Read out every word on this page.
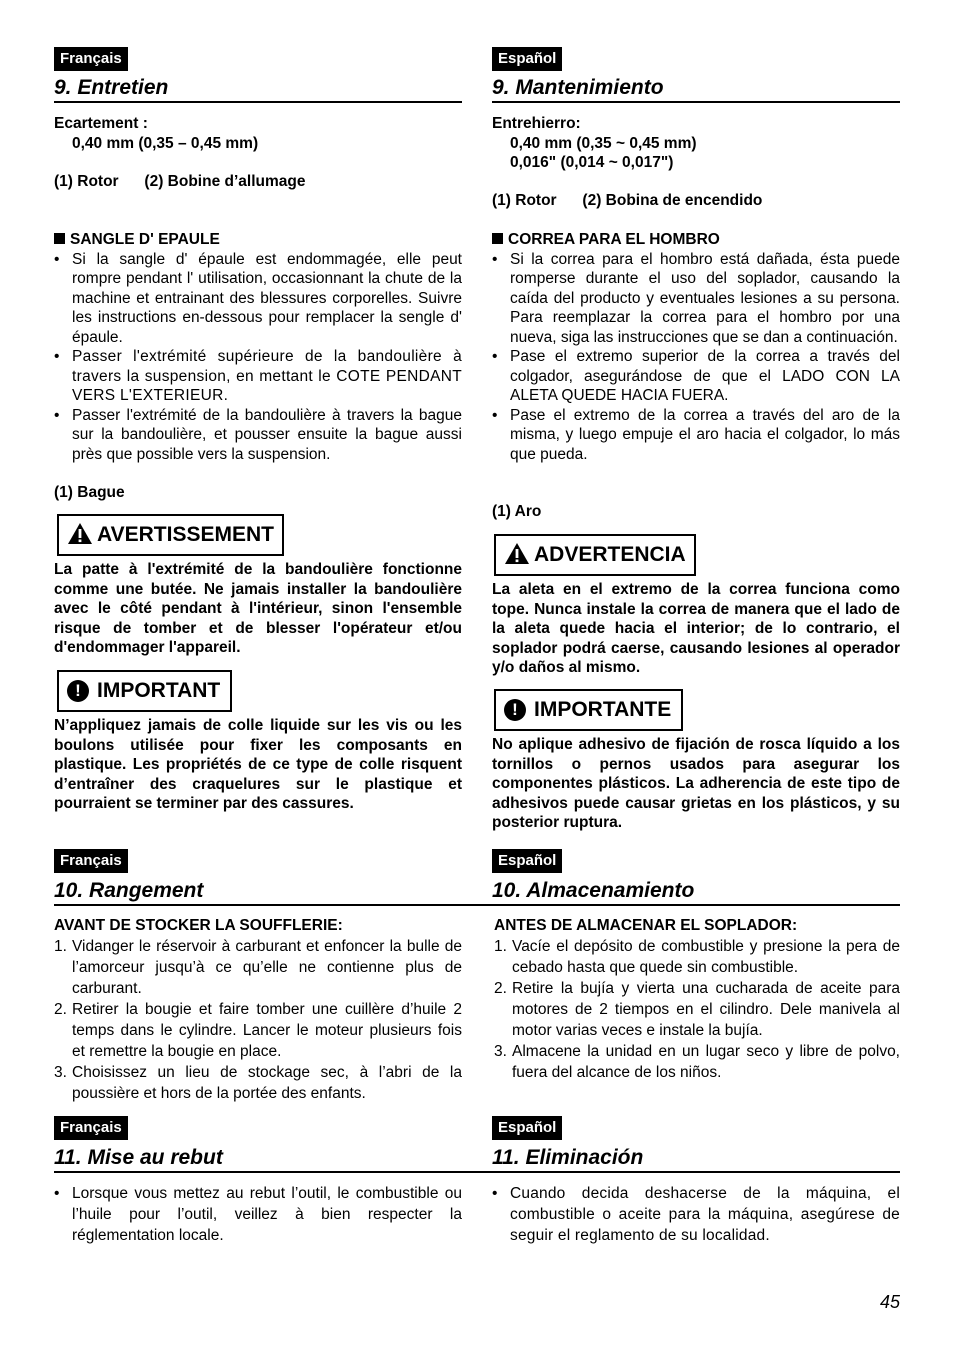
Français
9. Entretien
Ecartement :
0,40 mm (0,35 – 0,45 mm)
(1) Rotor      (2) Bobine d’allumage
SANGLE D' EPAULE
• Si la sangle d' épaule est endommagée, elle peut rompre pendant l' utilisation, occasionnant la chute de la machine et entrainant des blessures corporelles. Suivre les instructions en-dessous pour remplacer la sengle d' épaule.
• Passer l'extrémité supérieure de la bandoulière à travers la suspension, en mettant le COTE PENDANT VERS L'EXTERIEUR.
• Passer l'extrémité de la bandoulière à travers la bague sur la bandoulière, et pousser ensuite la bague aussi près que possible vers la suspension.
(1) Bague
AVERTISSEMENT
La patte à l'extrémité de la bandoulière fonctionne comme une butée. Ne jamais installer la bandoulière avec le côté pendant à l'intérieur, sinon l'ensemble risque de tomber et de blesser l'opérateur et/ou d'endommager l'appareil.
! IMPORTANT
N’appliquez jamais de colle liquide sur les vis ou les boulons utilisée pour fixer les composants en plastique. Les propriétés de ce type de colle risquent d’entraîner des craquelures sur le plastique et pourraient se terminer par des cassures.
Français
10. Rangement	10. Almacenamiento
AVANT DE STOCKER LA SOUFFLERIE:
1. Vidanger le réservoir à carburant et enfoncer la bulle de l’amorceur jusqu’à ce qu’elle ne contienne plus de carburant.
2. Retirer la bougie et faire tomber une cuillère d’huile 2 temps dans le cylindre. Lancer le moteur plusieurs fois et remettre la bougie en place.
3. Choisissez un lieu de stockage sec, à l’abri de la poussière et hors de la portée des enfants.
Français
11. Mise au rebut	11. Eliminación
• Lorsque vous mettez au rebut l’outil, le combustible ou l’huile pour l’outil, veillez à bien respecter la réglementation locale.
Español
9. Mantenimiento
Entrehierro:
0,40 mm (0,35 ~ 0,45 mm)
0,016" (0,014 ~ 0,017")
(1) Rotor      (2) Bobina de encendido
CORREA PARA EL HOMBRO
• Si la correa para el hombro está dañada, ésta puede romperse durante el uso del soplador, causando la caída del producto y eventuales lesiones a su persona. Para reemplazar la correa para el hombro por una nueva, siga las instrucciones que se dan a continuación.
• Pase el extremo superior de la correa a través del colgador, asegurándose de que el LADO CON LA ALETA QUEDE HACIA FUERA.
• Pase el extremo de la correa a través del aro de la misma, y luego empuje el aro hacia el colgador, lo más que pueda.
(1) Aro
ADVERTENCIA
La aleta en el extremo de la correa funciona como tope. Nunca instale la correa de manera que el lado de la aleta quede hacia el interior; de lo contrario, el soplador podrá caerse, causando lesiones al operador y/o daños al mismo.
! IMPORTANTE
No aplique adhesivo de fijación de rosca líquido a los tornillos o pernos usados para asegurar los componentes plásticos. La adherencia de este tipo de adhesivos puede causar grietas en los plásticos, y su posterior ruptura.
Español
ANTES DE ALMACENAR EL SOPLADOR:
1. Vacíe el depósito de combustible y presione la pera de cebado hasta que quede sin combustible.
2. Retire la bujía y vierta una cucharada de aceite para motores de 2 tiempos en el cilindro. Dele manivela al motor varias veces e instale la bujía.
3. Almacene la unidad en un lugar seco y libre de polvo, fuera del alcance de los niños.
Español
• Cuando decida deshacerse de la máquina, el combustible o aceite para la máquina, asegúrese de seguir el reglamento de su localidad.
45
